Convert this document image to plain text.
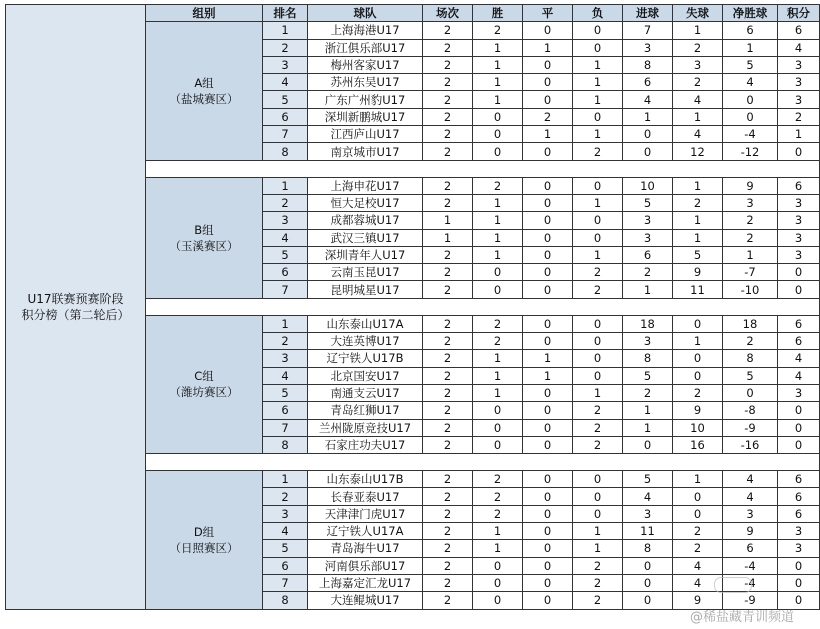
U17联赛预赛阶段
积分榜（第二轮后）	组别	排名	球队	场次	胜	平	负	进球	失球	净胜球	积分
	A组
（盐城赛区）	1	上海海港U17	2	2	0	0	7	1	6	6
		2	浙江俱乐部U17	2	1	1	0	3	2	1	4
		3	梅州客家U17	2	1	0	1	8	3	5	3
		4	苏州东吴U17	2	1	0	1	6	2	4	3
		5	广东广州豹U17	2	1	0	1	4	4	0	3
		6	深圳新鹏城U17	2	0	2	0	1	1	0	2
		7	江西庐山U17	2	0	1	1	0	4	-4	1
		8	南京城市U17	2	0	0	2	0	12	-12	0

	B组
（玉溪赛区）	1	上海申花U17	2	2	0	0	10	1	9	6
		2	恒大足校U17	2	1	0	1	5	2	3	3
		3	成都蓉城U17	1	1	0	0	3	1	2	3
		4	武汉三镇U17	1	1	0	0	3	1	2	3
		5	深圳青年人U17	2	1	0	1	6	5	1	3
		6	云南玉昆U17	2	0	0	2	2	9	-7	0
		7	昆明城星U17	2	0	0	2	1	11	-10	0

	C组
（潍坊赛区）	1	山东泰山U17A	2	2	0	0	18	0	18	6
		2	大连英博U17	2	2	0	0	3	1	2	6
		3	辽宁铁人U17B	2	1	1	0	8	0	8	4
		4	北京国安U17	2	1	1	0	5	0	5	4
		5	南通支云U17	2	1	0	1	2	2	0	3
		6	青岛红狮U17	2	0	0	2	1	9	-8	0
		7	兰州陇原竞技U17	2	0	0	2	1	10	-9	0
		8	石家庄功夫U17	2	0	0	2	0	16	-16	0

	D组
（日照赛区）	1	山东泰山U17B	2	2	0	0	5	1	4	6
		2	长春亚泰U17	2	2	0	0	4	0	4	6
		3	天津津门虎U17	2	2	0	0	3	0	3	6
		4	辽宁铁人U17A	2	1	0	1	11	2	9	3
		5	青岛海牛U17	2	1	0	1	8	2	6	3
		6	河南俱乐部U17	2	0	0	2	0	4	-4	0
		7	上海嘉定汇龙U17	2	0	0	2	0	4	-4	0
		8	大连鲲城U17	2	0	0	2	0	9	-9	0
@稀盐藏青训频道
